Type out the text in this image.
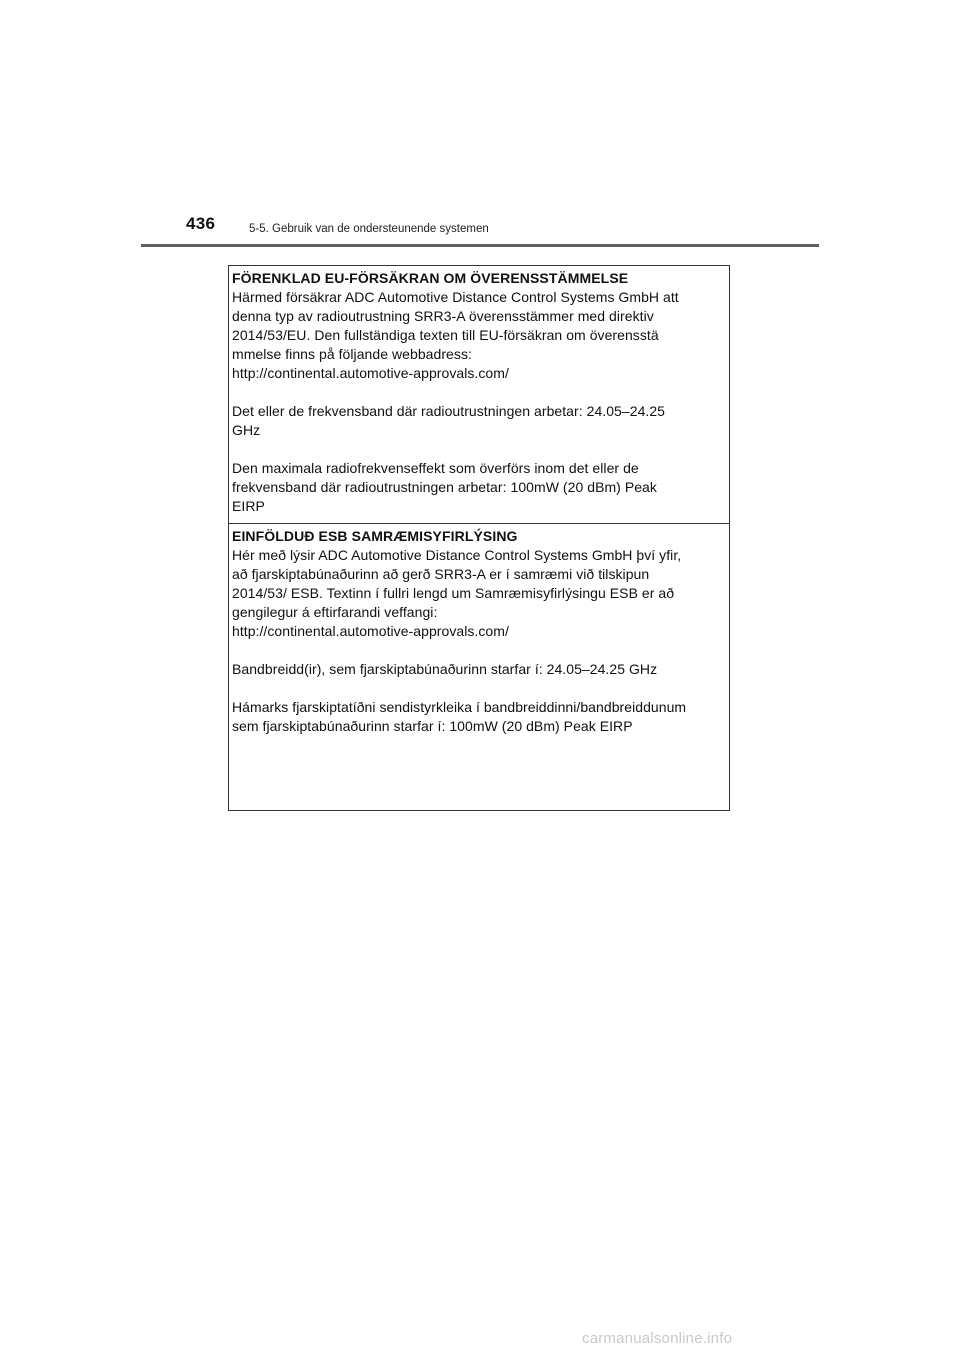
436	5-5. Gebruik van de ondersteunende systemen
FÖRENKLAD EU-FÖRSÄKRAN OM ÖVERENSSTÄMMELSE

Härmed försäkrar ADC Automotive Distance Control Systems GmbH att
denna typ av radioutrustning SRR3-A överensstämmer med direktiv
2014/53/EU. Den fullständiga texten till EU-försäkran om överensstä
mmelse finns på följande webbadress:
http://continental.automotive-approvals.com/

Det eller de frekvensband där radioutrustningen arbetar: 24.05–24.25
GHz

Den maximala radiofrekvenseffekt som överförs inom det eller de
frekvensband där radioutrustningen arbetar: 100mW (20 dBm) Peak
EIRP

EINFÖLDUÐ ESB SAMRÆMISYFIRLÝSING

Hér með lýsir ADC Automotive Distance Control Systems GmbH því yfir,
að fjarskiptabúnaðurinn að gerð SRR3-A er í samræmi við tilskipun
2014/53/ ESB. Textinn í fullri lengd um Samræmisyfirlýsingu ESB er að
gengilegur á eftirfarandi veffangi:
http://continental.automotive-approvals.com/

Bandbreidd(ir), sem fjarskiptabúnaðurinn starfar í: 24.05–24.25 GHz

Hámarks fjarskiptatíðni sendistyrkleika í bandbreiddinni/bandbreiddunum
sem fjarskiptabúnaðurinn starfar í: 100mW (20 dBm) Peak EIRP

carmanualsonline.info
